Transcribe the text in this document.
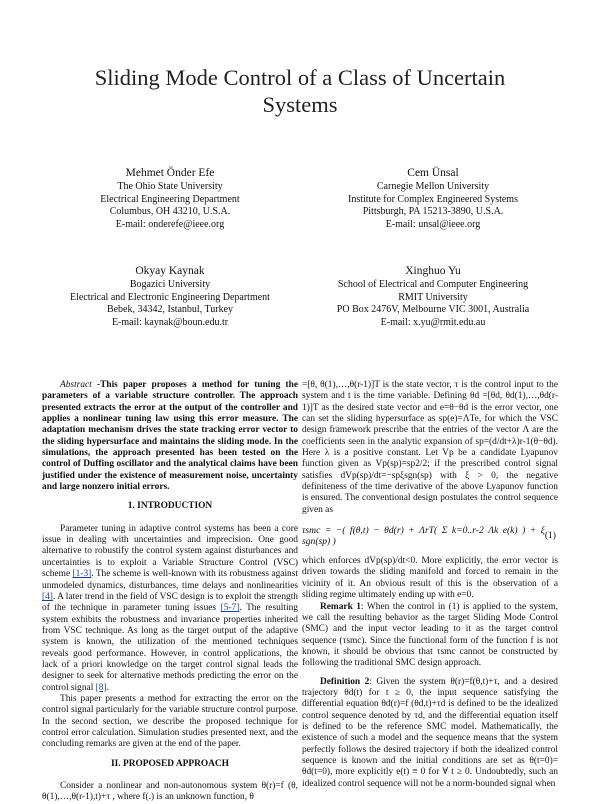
Sliding Mode Control of a Class of Uncertain Systems
Mehmet Önder Efe
The Ohio State University
Electrical Engineering Department
Columbus, OH 43210, U.S.A.
E-mail: onderefe@ieee.org
Cem Ünsal
Carnegie Mellon University
Institute for Complex Engineered Systems
Pittsburgh, PA 15213-3890, U.S.A.
E-mail: unsal@ieee.org
Okyay Kaynak
Bogazici University
Electrical and Electronic Engineering Department
Bebek, 34342, Istanbul, Turkey
E-mail: kaynak@boun.edu.tr
Xinghuo Yu
School of Electrical and Computer Engineering
RMIT University
PO Box 2476V, Melbourne VIC 3001, Australia
E-mail: x.yu@rmit.edu.au

Abstract -This paper proposes a method for tuning the parameters of a variable structure controller. The approach presented extracts the error at the output of the controller and applies a nonlinear tuning law using this error measure. The adaptation mechanism drives the state tracking error vector to the sliding hypersurface and maintains the sliding mode. In the simulations, the approach presented has been tested on the control of Duffing oscillator and the analytical claims have been justified under the existence of measurement noise, uncertainty and large nonzero initial errors.

1. INTRODUCTION

Parameter tuning in adaptive control systems has been a core issue in dealing with uncertainties and imprecision. One good alternative to robustify the control system against disturbances and uncertainties is to exploit a Variable Structure Control (VSC) scheme [1-3]. The scheme is well-known with its robustness against unmodeled dynamics, disturbances, time delays and nonlinearities [4]. A later trend in the field of VSC design is to exploit the strength of the technique in parameter tuning issues [5-7]. The resulting system exhibits the robustness and invariance properties inherited from VSC technique. As long as the target output of the adaptive system is known, the utilization of the mentioned techniques reveals good performance. However, in control applications, the lack of a priori knowledge on the target control signal leads the designer to seek for alternative methods predicting the error on the control signal [8].

This paper presents a method for extracting the error on the control signal particularly for the variable structure control purpose. In the second section, we describe the proposed technique for control error calculation. Simulation studies presented next, and the concluding remarks are given at the end of the paper.

II. PROPOSED APPROACH

Consider a nonlinear and non-autonomous system θ(r)=f (θ, θ(1),…,θ(r-1),t)+τ , where f(.) is an unknown function, θ

=[θ, θ(1),…,θ(r-1)]T is the state vector, τ is the control input to the system and t is the time variable. Defining θd =[θd, θd(1),…,θd(r-1)]T as the desired state vector and e=θ−θd is the error vector, one can set the sliding hypersurface as sp(e)=ΛTe, for which the VSC design framework prescribe that the entries of the vector Λ are the coefficients seen in the analytic expansion of sp=(d/dt+λ)r-1(θ−θd). Here λ is a positive constant. Let Vp be a candidate Lyapunov function given as Vp(sp)=sp2/2; if the prescribed control signal satisfies dVp(sp)/dt=−spξsgn(sp) with ξ > 0, the negative definiteness of the time derivative of the above Lyapunov function is ensured. The conventional design postulates the control sequence given as

τsmc = −( f(θ,t) − θd(r) + ΛrT( Σ k=0..r-2 Λk e(k) ) + ξ sgn(sp) )
(1)

which enforces dVp(sp)/dt<0. More explicitly, the error vector is driven towards the sliding manifold and forced to remain in the vicinity of it. An obvious result of this is the observation of a sliding regime ultimately ending up with e=0.

Remark 1: When the control in (1) is applied to the system, we call the resulting behavior as the target Sliding Mode Control (SMC) and the input vector leading to it as the target control sequence (τsmc). Since the functional form of the function f is not known, it should be obvious that τsmc cannot be constructed by following the traditional SMC design approach.

Definition 2: Given the system θ(r)=f(θ,t)+τ, and a desired trajectory θd(t) for t ≥ 0, the input sequence satisfying the differential equation θd(r)=f (θd,t)+τd is defined to be the idealized control sequence denoted by τd, and the differential equation itself is defined to be the reference SMC model. Mathematically, the existence of such a model and the sequence means that the system perfectly follows the desired trajectory if both the idealized control sequence is known and the initial conditions are set as θ(t=0)= θd(t=0), more explicitly e(t) ≡ 0 for ∀ t ≥ 0. Undoubtedly, such an idealized control sequence will not be a norm-bounded signal when
